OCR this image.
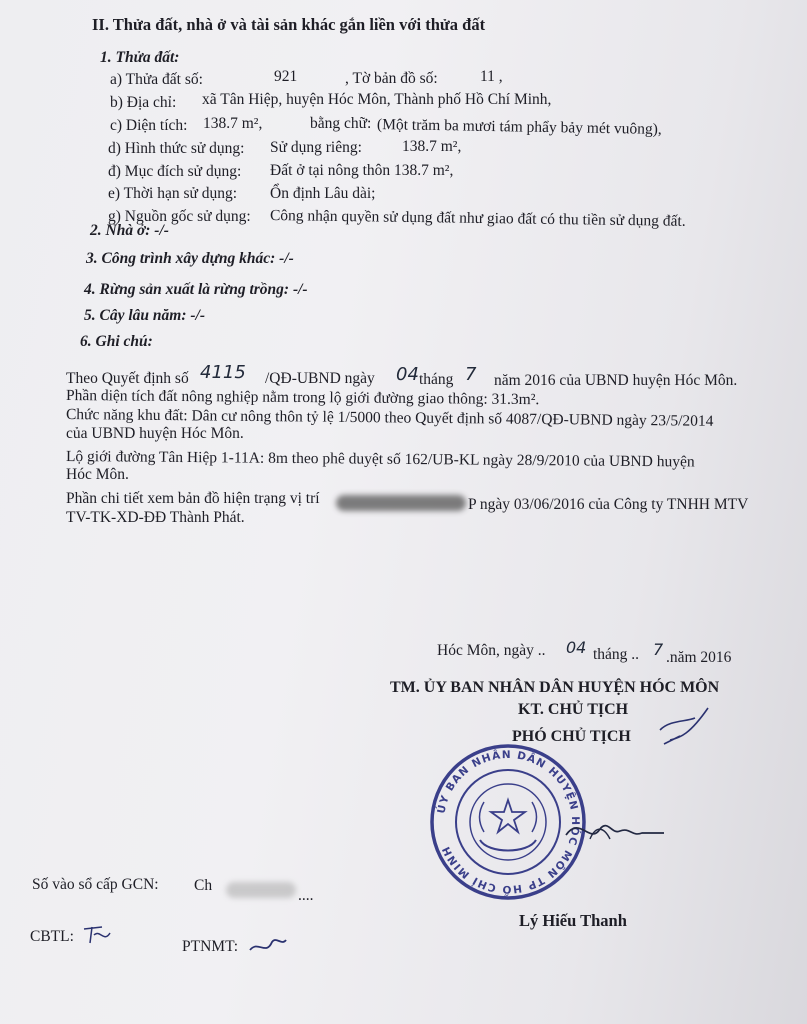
II. Thửa đất, nhà ở và tài sản khác gắn liền với thửa đất
1. Thửa đất:
a) Thửa đất số:	921	, Tờ bản đồ số:	11 ,
b) Địa chỉ: xã Tân Hiệp, huyện Hóc Môn, Thành phố Hồ Chí Minh,
c) Diện tích: 138.7 m²,	bằng chữ: (Một trăm ba mươi tám phẩy bảy mét vuông),
d) Hình thức sử dụng: Sử dụng riêng:	138.7 m²,
đ) Mục đích sử dụng: Đất ở tại nông thôn 138.7 m²,
e) Thời hạn sử dụng: Ổn định Lâu dài;
g) Nguồn gốc sử dụng: Công nhận quyền sử dụng đất như giao đất có thu tiền sử dụng đất.
2. Nhà ở: -/-
3. Công trình xây dựng khác: -/-
4. Rừng sản xuất là rừng trồng: -/-
5. Cây lâu năm: -/-
6. Ghi chú:
Theo Quyết định số 4115 /QĐ-UBND ngày 04 tháng 7 năm 2016 của UBND huyện Hóc Môn.
Phần diện tích đất nông nghiệp nằm trong lộ giới đường giao thông: 31.3m².
Chức năng khu đất: Dân cư nông thôn tỷ lệ 1/5000 theo Quyết định số 4087/QĐ-UBND ngày 23/5/2014
của UBND huyện Hóc Môn.
Lộ giới đường Tân Hiệp 1-11A: 8m theo phê duyệt số 162/UB-KL ngày 28/9/2010 của UBND huyện
Hóc Môn.
Phần chi tiết xem bản đồ hiện trạng vị trí	P ngày 03/06/2016 của Công ty TNHH MTV
TV-TK-XD-ĐĐ Thành Phát.
Hóc Môn, ngày .. 04 tháng .. 7 .năm 2016
TM. ỦY BAN NHÂN DÂN HUYỆN HÓC MÔN
KT. CHỦ TỊCH
PHÓ CHỦ TỊCH
ỦY BAN NHÂN DÂN HUYỆN HÓC MÔN TP HỒ CHÍ MINH
Lý Hiếu Thanh
Số vào sổ cấp GCN: Ch
....
CBTL:
PTNMT:
